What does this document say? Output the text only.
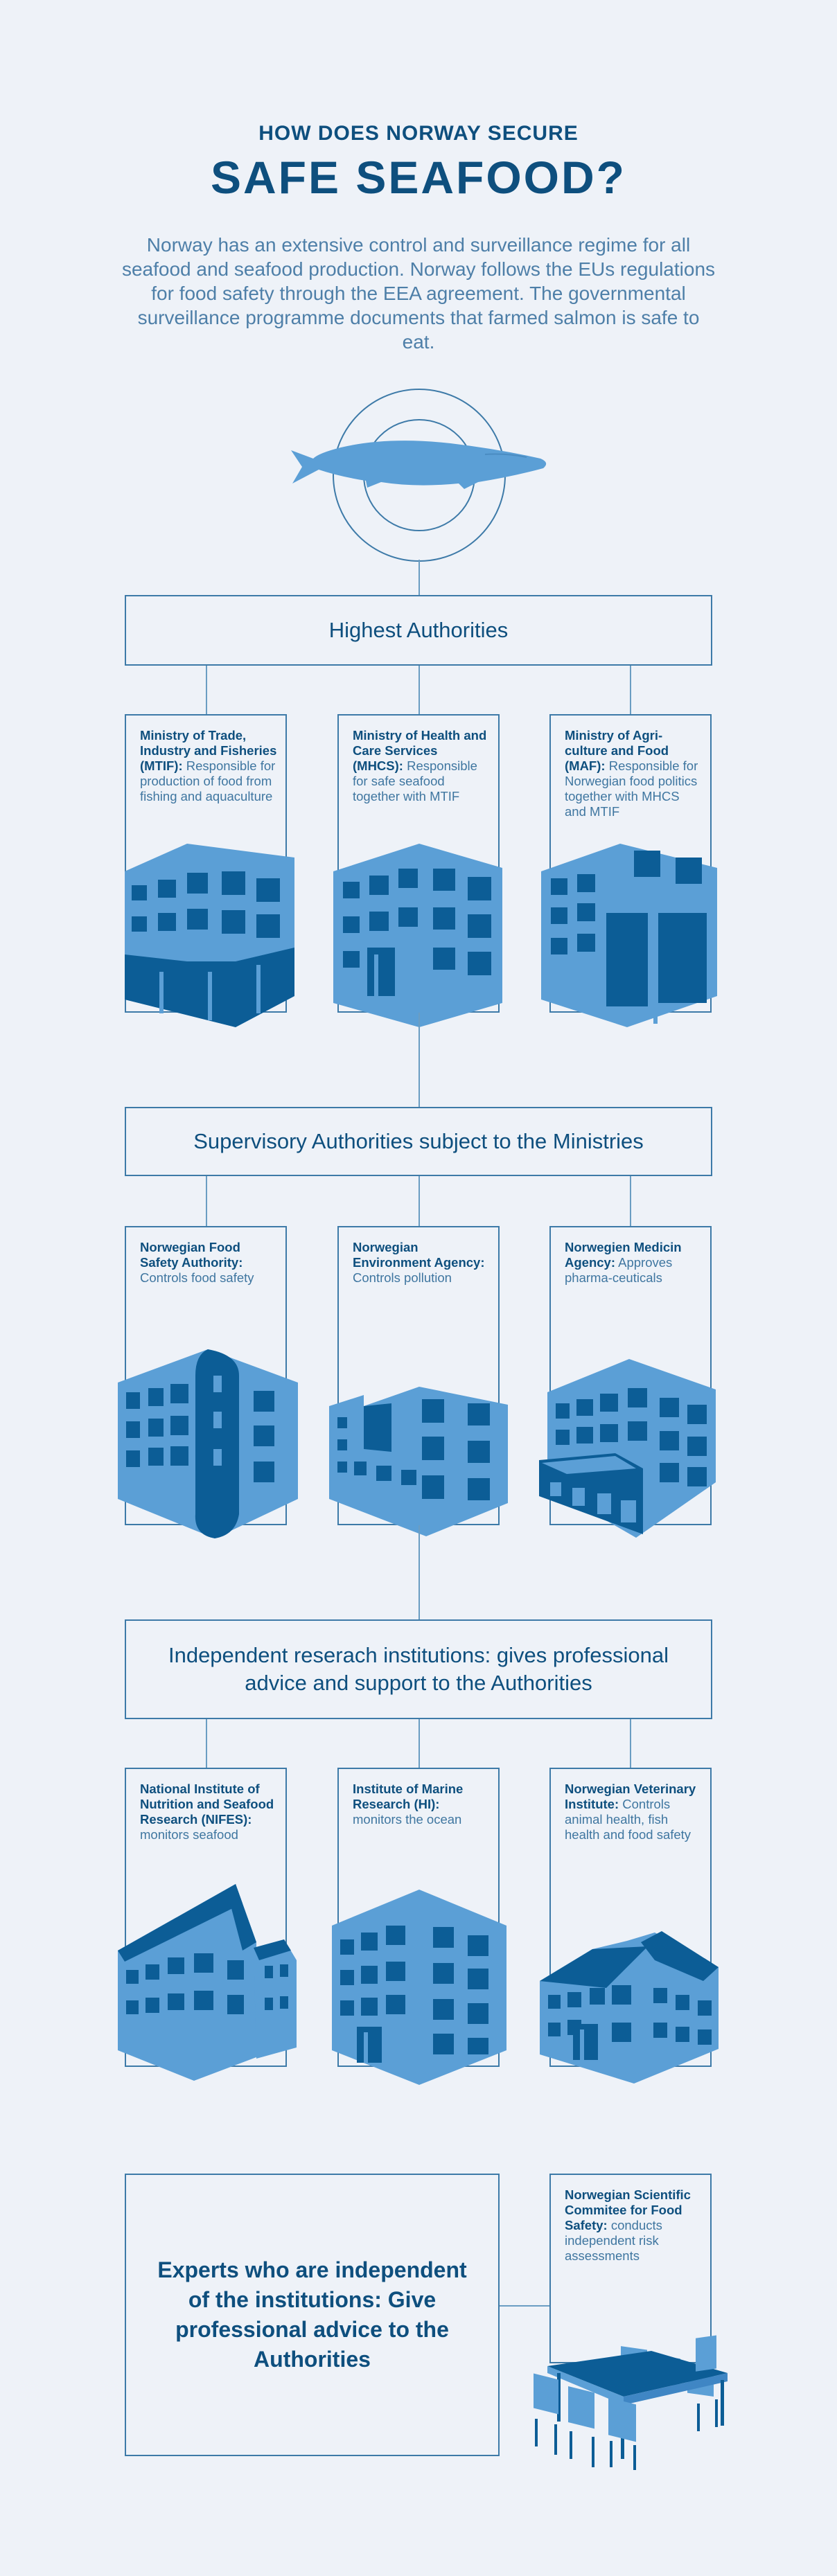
HOW DOES NORWAY SECURE
SAFE SEAFOOD?
Norway has an extensive control and surveillance regime for all seafood and seafood production. Norway follows the EUs regulations for food safety through the EEA agreement. The governmental surveillance programme documents that farmed salmon is safe to eat.
Highest Authorities
Ministry of Trade, Industry and Fisheries (MTIF): Responsible for production of food from fishing and aquaculture
Ministry of Health and Care Services (MHCS): Responsible for safe seafood together with MTIF
Ministry of Agri-culture and Food (MAF): Responsible for Norwegian food politics together with MHCS and MTIF
Supervisory Authorities subject to the Ministries
Norwegian Food Safety Authority: Controls food safety
Norwegian Environment Agency: Controls pollution
Norwegien Medicin Agency: Approves pharma-ceuticals
Independent reserach institutions: gives professional advice and support to the Authorities
National Institute of Nutrition and Seafood Research (NIFES): monitors seafood
Institute of Marine Research (HI): monitors the ocean
Norwegian Veterinary Institute: Controls animal health, fish health and food safety
Experts who are independent of the institutions: Give professional advice to the Authorities
Norwegian Scientific Commitee for Food Safety: conducts independent risk assessments
